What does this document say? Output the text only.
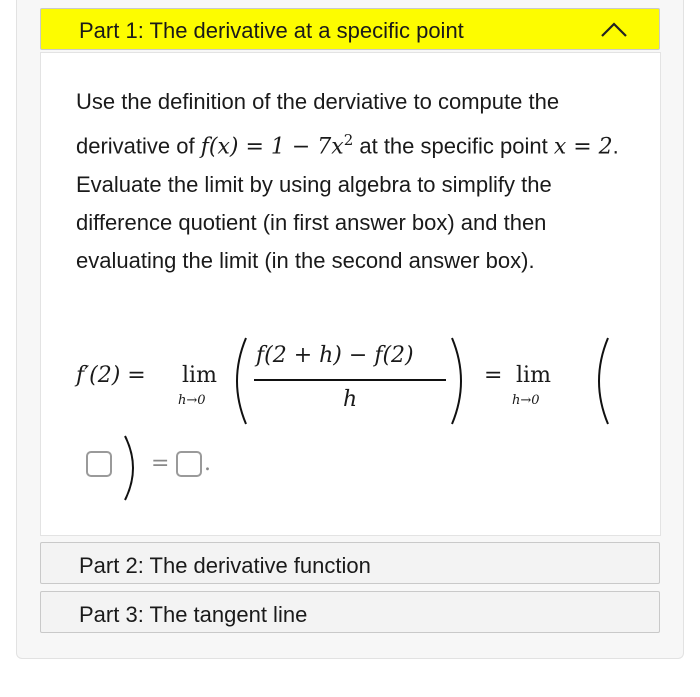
Part 1: The derivative at a specific point
Use the definition of the derviative to compute the derivative of $f(x) = 1 - 7x^2$ at the specific point x = 2. Evaluate the limit by using algebra to simplify the difference quotient (in first answer box) and then evaluating the limit (in the second answer box).
f′(2) = lim
h→0
f(2 + h) − f(2)
h
= lim
h→0
= .
Part 2: The derivative function
Part 3: The tangent line
